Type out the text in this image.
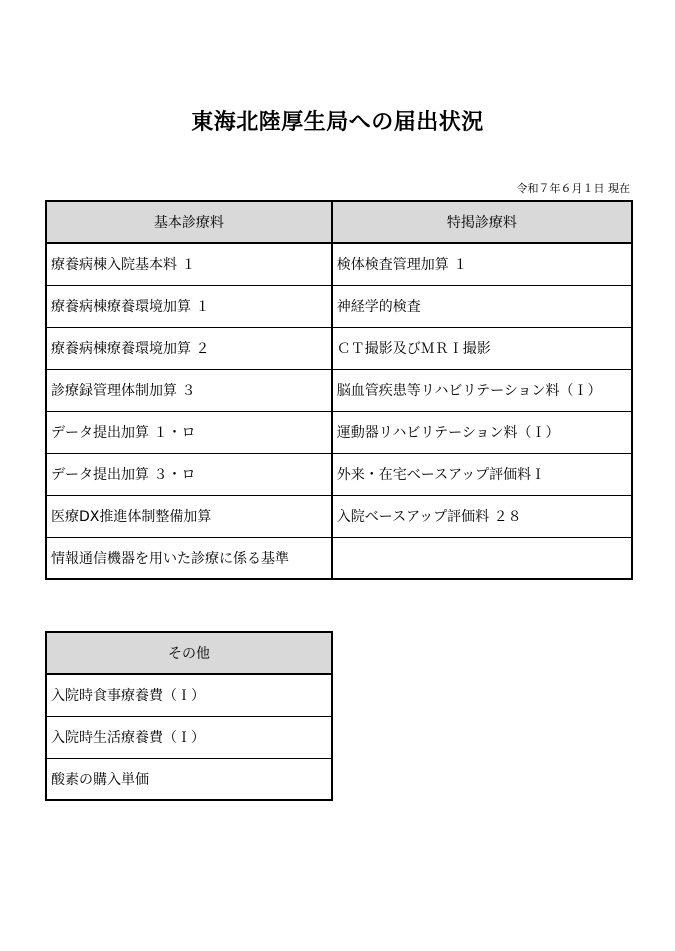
東海北陸厚生局への届出状況
令和７年６月１日 現在
基本診療料	特掲診療料
療養病棟入院基本料 １	検体検査管理加算 １
療養病棟療養環境加算 １	神経学的検査
療養病棟療養環境加算 ２	ＣＴ撮影及びＭＲＩ撮影
診療録管理体制加算 ３	脳血管疾患等リハビリテーション料（Ｉ）
データ提出加算 １・ロ	運動器リハビリテーション料（Ｉ）
データ提出加算 ３・ロ	外来・在宅ベースアップ評価料Ｉ
医療DX推進体制整備加算	入院ベースアップ評価料 ２８
情報通信機器を用いた診療に係る基準	
その他
入院時食事療養費（Ｉ）
入院時生活療養費（Ｉ）
酸素の購入単価
